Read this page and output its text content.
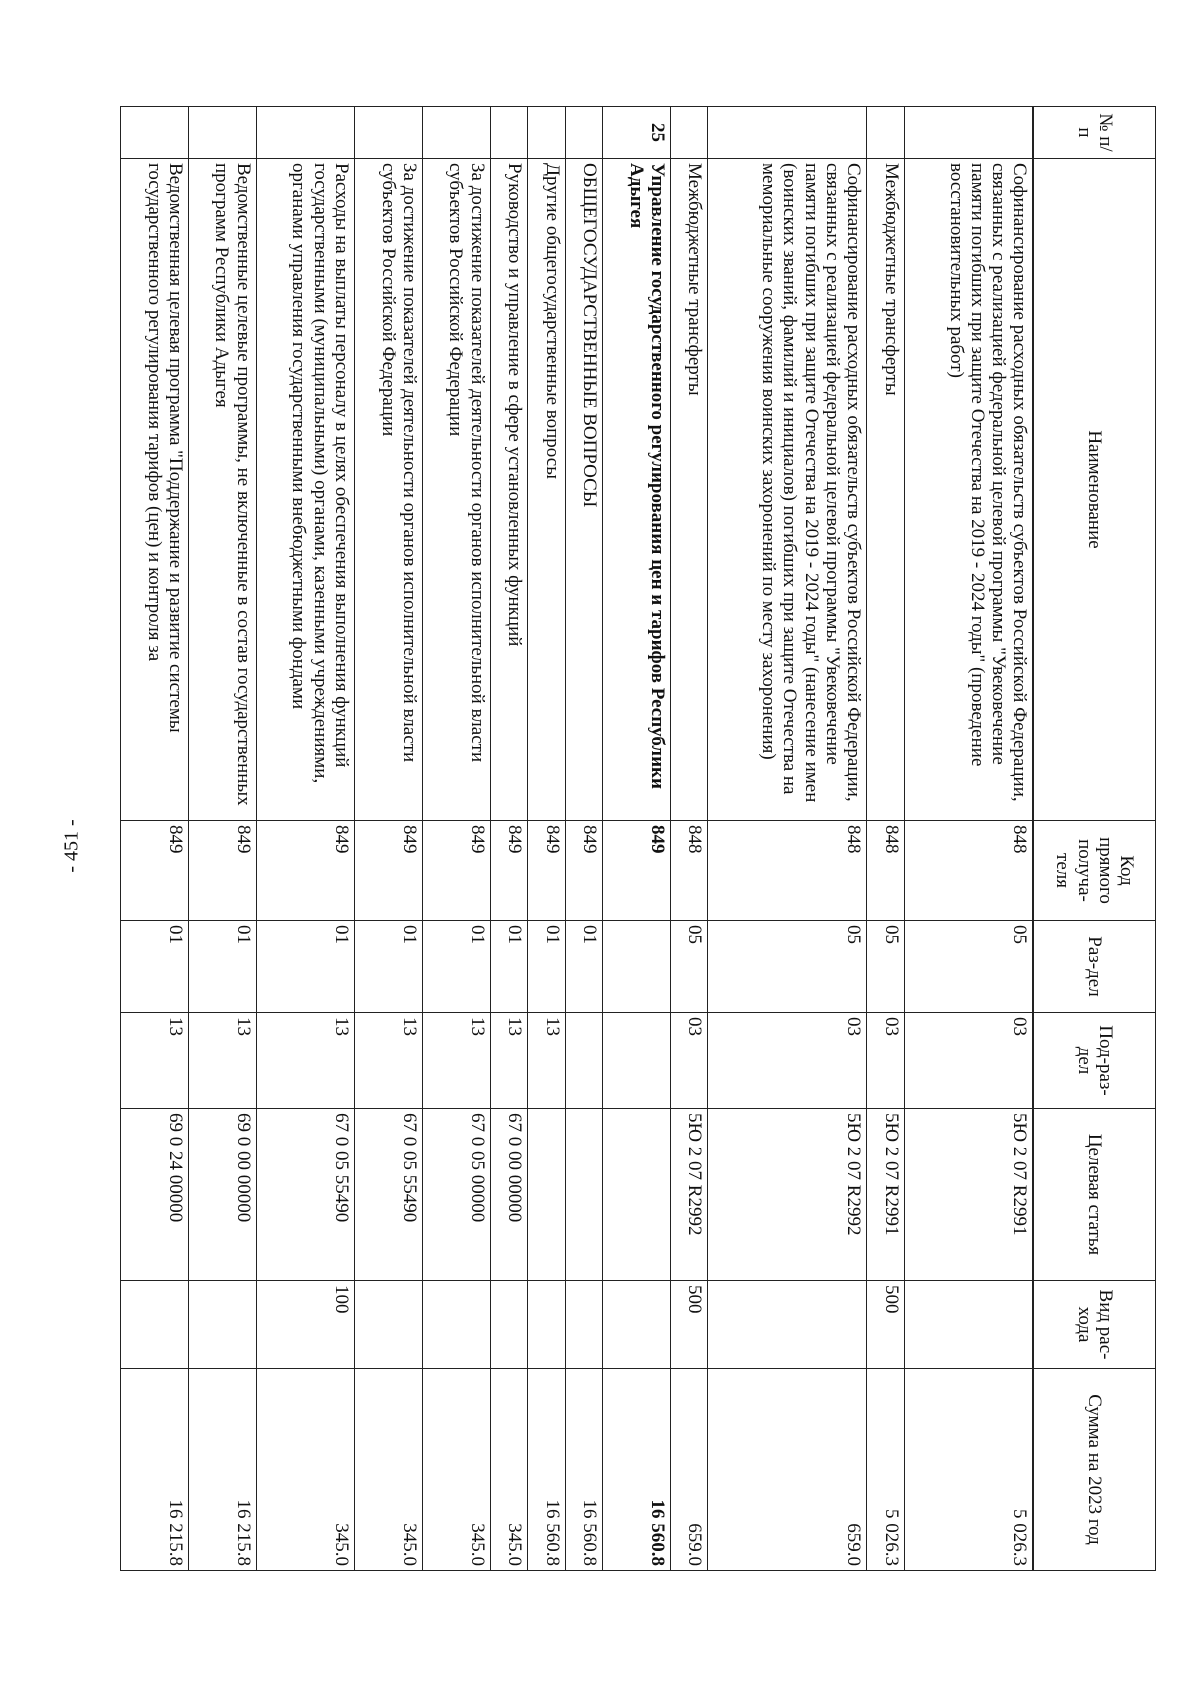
- 451 -
№ п/п	Наименование	Код прямого получа-теля	Раз-дел	Под-раз-дел	Целевая статья	Вид рас-хода	Сумма на 2023 год
	Софинансирование расходных обязательств субъектов Российской Федерации, связанных с реализацией федеральной целевой программы "Увековечение памяти погибших при защите Отечества на 2019 - 2024 годы" (проведение восстановительных работ)	848	05	03	5Ю 2 07 R2991		5 026.3
	Межбюджетные трансферты	848	05	03	5Ю 2 07 R2991	500	5 026.3
	Софинансирование расходных обязательств субъектов Российской Федерации, связанных с реализацией федеральной целевой программы "Увековечение памяти погибших при защите Отечества на 2019 - 2024 годы" (нанесение имен (воинских званий, фамилий и инициалов) погибших при защите Отечества на мемориальные сооружения воинских захоронений по месту захоронения)	848	05	03	5Ю 2 07 R2992		659.0
	Межбюджетные трансферты	848	05	03	5Ю 2 07 R2992	500	659.0
25	Управление государственного регулирования цен и тарифов Республики Адыгея	849					16 560.8
	ОБЩЕГОСУДАРСТВЕННЫЕ ВОПРОСЫ	849	01				16 560.8
	Другие общегосударственные вопросы	849	01	13			16 560.8
	Руководство и управление в сфере установленных функций	849	01	13	67 0 00 00000		345.0
	За достижение показателей деятельности органов исполнительной власти субъектов Российской Федерации	849	01	13	67 0 05 00000		345.0
	За достижение показателей деятельности органов исполнительной власти субъектов Российской Федерации	849	01	13	67 0 05 55490		345.0
	Расходы на выплаты персоналу в целях обеспечения выполнения функций государственными (муниципальными) органами, казенными учреждениями, органами управления государственными внебюджетными фондами	849	01	13	67 0 05 55490	100	345.0
	Ведомственные целевые программы, не включенные в состав государственных программ Республики Адыгея	849	01	13	69 0 00 00000		16 215.8
	Ведомственная целевая программа "Поддержание и развитие системы государственного регулирования тарифов (цен) и контроля за	849	01	13	69 0 24 00000		16 215.8
